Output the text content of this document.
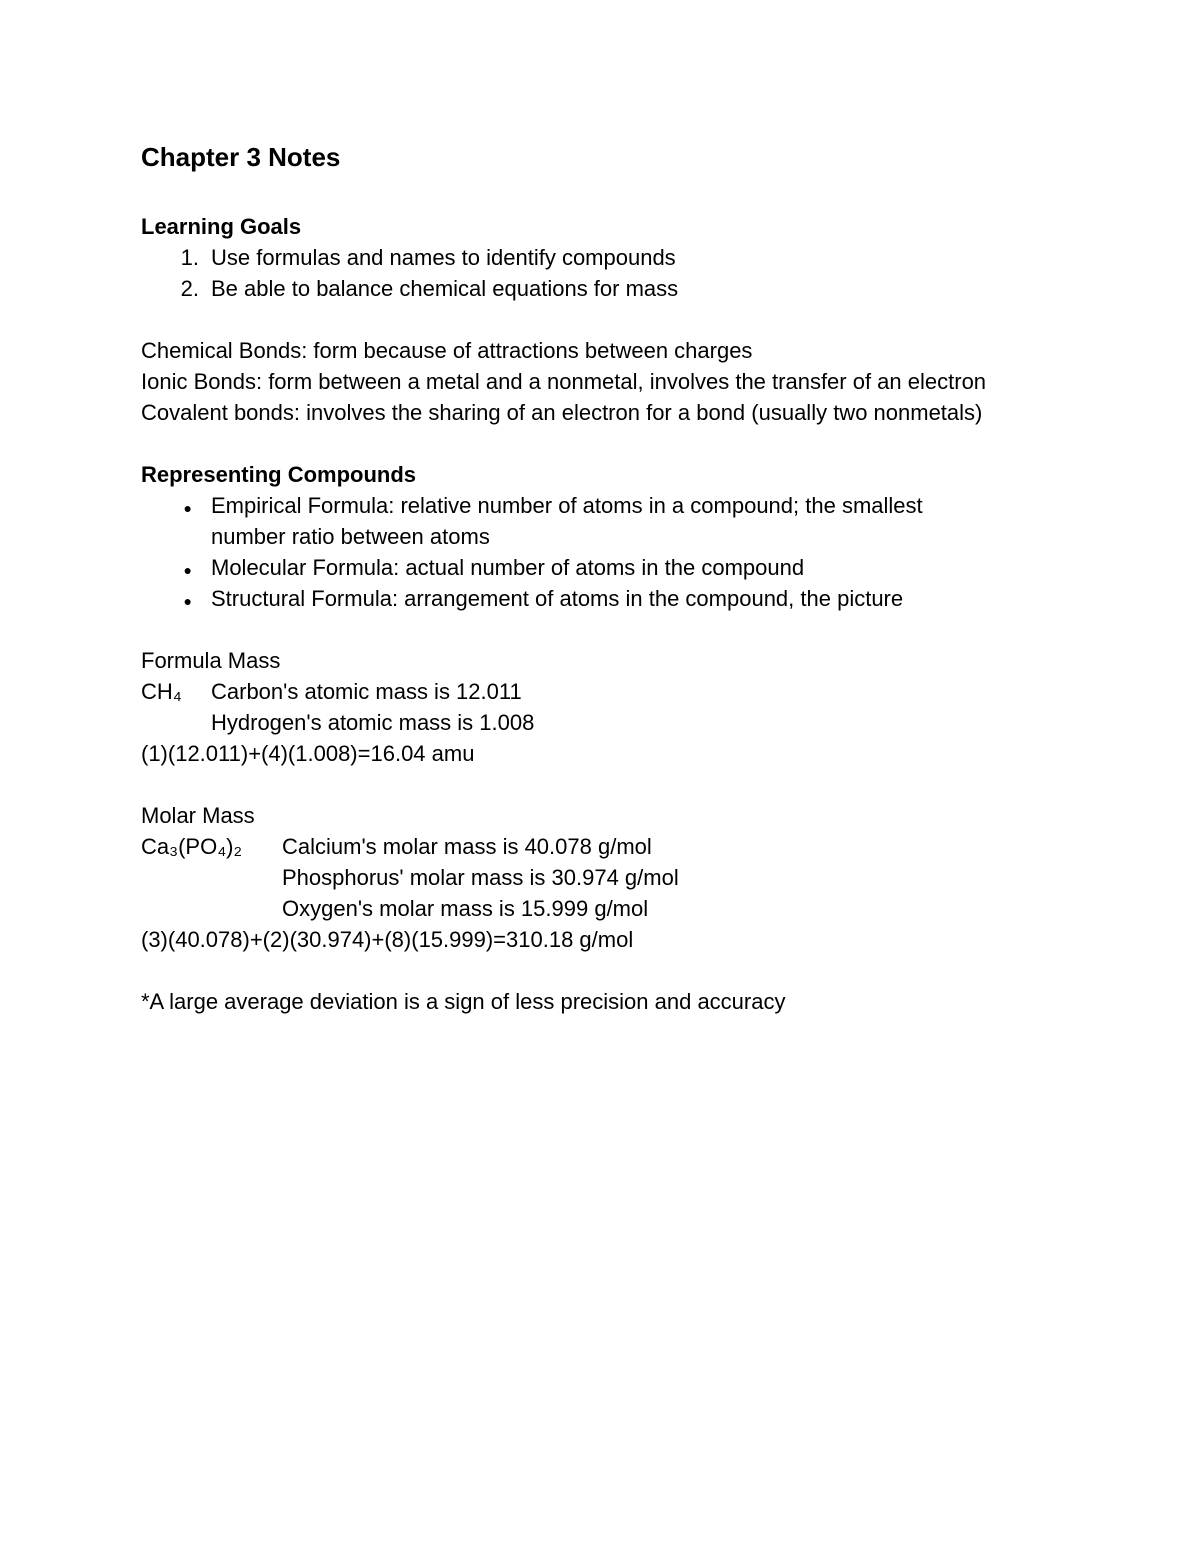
Chapter 3 Notes
Learning Goals
1. Use formulas and names to identify compounds
2. Be able to balance chemical equations for mass
Chemical Bonds: form because of attractions between charges
Ionic Bonds: form between a metal and a nonmetal, involves the transfer of an electron
Covalent bonds: involves the sharing of an electron for a bond (usually two nonmetals)
Representing Compounds
● Empirical Formula: relative number of atoms in a compound; the smallest number ratio between atoms
● Molecular Formula: actual number of atoms in the compound
● Structural Formula: arrangement of atoms in the compound, the picture
Formula Mass
CH₄	Carbon's atomic mass is 12.011
Hydrogen's atomic mass is 1.008
(1)(12.011)+(4)(1.008)=16.04 amu
Molar Mass
Ca₃(PO₄)₂	Calcium's molar mass is 40.078 g/mol
Phosphorus' molar mass is 30.974 g/mol
Oxygen's molar mass is 15.999 g/mol
(3)(40.078)+(2)(30.974)+(8)(15.999)=310.18 g/mol
*A large average deviation is a sign of less precision and accuracy
